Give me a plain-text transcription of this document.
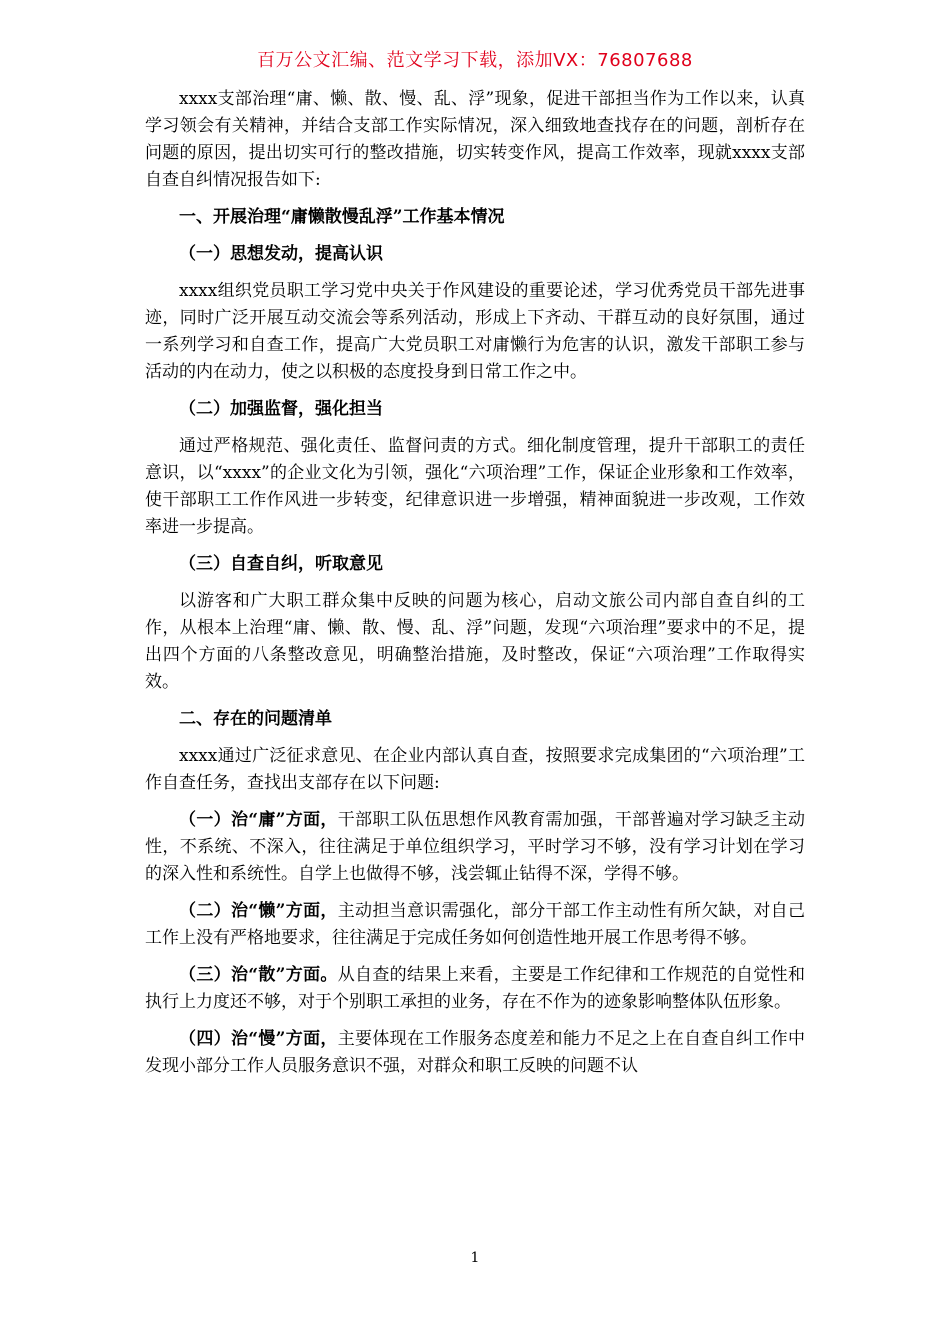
百万公文汇编、范文学习下载，添加VX：76807688

xxxx支部治理“庸、懒、散、慢、乱、浮”现象，促进干部担当作为工作以来，认真学习领会有关精神，并结合支部工作实际情况，深入细致地查找存在的问题，剖析存在问题的原因，提出切实可行的整改措施，切实转变作风，提高工作效率，现就xxxx支部自查自纠情况报告如下:

一、开展治理“庸懒散慢乱浮”工作基本情况
（一）思想发动，提高认识

xxxx组织党员职工学习党中央关于作风建设的重要论述，学习优秀党员干部先进事迹，同时广泛开展互动交流会等系列活动，形成上下齐动、干群互动的良好氛围，通过一系列学习和自查工作，提高广大党员职工对庸懒行为危害的认识，激发干部职工参与活动的内在动力，使之以积极的态度投身到日常工作之中。

（二）加强监督，强化担当

通过严格规范、强化责任、监督问责的方式。细化制度管理，提升干部职工的责任意识，以“xxxx”的企业文化为引领，强化“六项治理”工作，保证企业形象和工作效率，使干部职工工作作风进一步转变，纪律意识进一步增强，精神面貌进一步改观，工作效率进一步提高。

（三）自查自纠，听取意见

以游客和广大职工群众集中反映的问题为核心，启动文旅公司内部自查自纠的工作，从根本上治理“庸、懒、散、慢、乱、浮”问题，发现“六项治理”要求中的不足，提出四个方面的八条整改意见，明确整治措施，及时整改，保证“六项治理”工作取得实效。

二、存在的问题清单

xxxx通过广泛征求意见、在企业内部认真自查，按照要求完成集团的“六项治理”工作自查任务，查找出支部存在以下问题:

（一）治“庸”方面，干部职工队伍思想作风教育需加强，干部普遍对学习缺乏主动性，不系统、不深入，往往满足于单位组织学习，平时学习不够，没有学习计划在学习的深入性和系统性。自学上也做得不够，浅尝辄止钻得不深，学得不够。

（二）治“懒”方面，主动担当意识需强化，部分干部工作主动性有所欠缺，对自己工作上没有严格地要求，往往满足于完成任务如何创造性地开展工作思考得不够。

（三）治“散”方面。从自查的结果上来看，主要是工作纪律和工作规范的自觉性和执行上力度还不够，对于个别职工承担的业务，存在不作为的迹象影响整体队伍形象。

（四）治“慢”方面，主要体现在工作服务态度差和能力不足之上在自查自纠工作中发现小部分工作人员服务意识不强，对群众和职工反映的问题不认

1
